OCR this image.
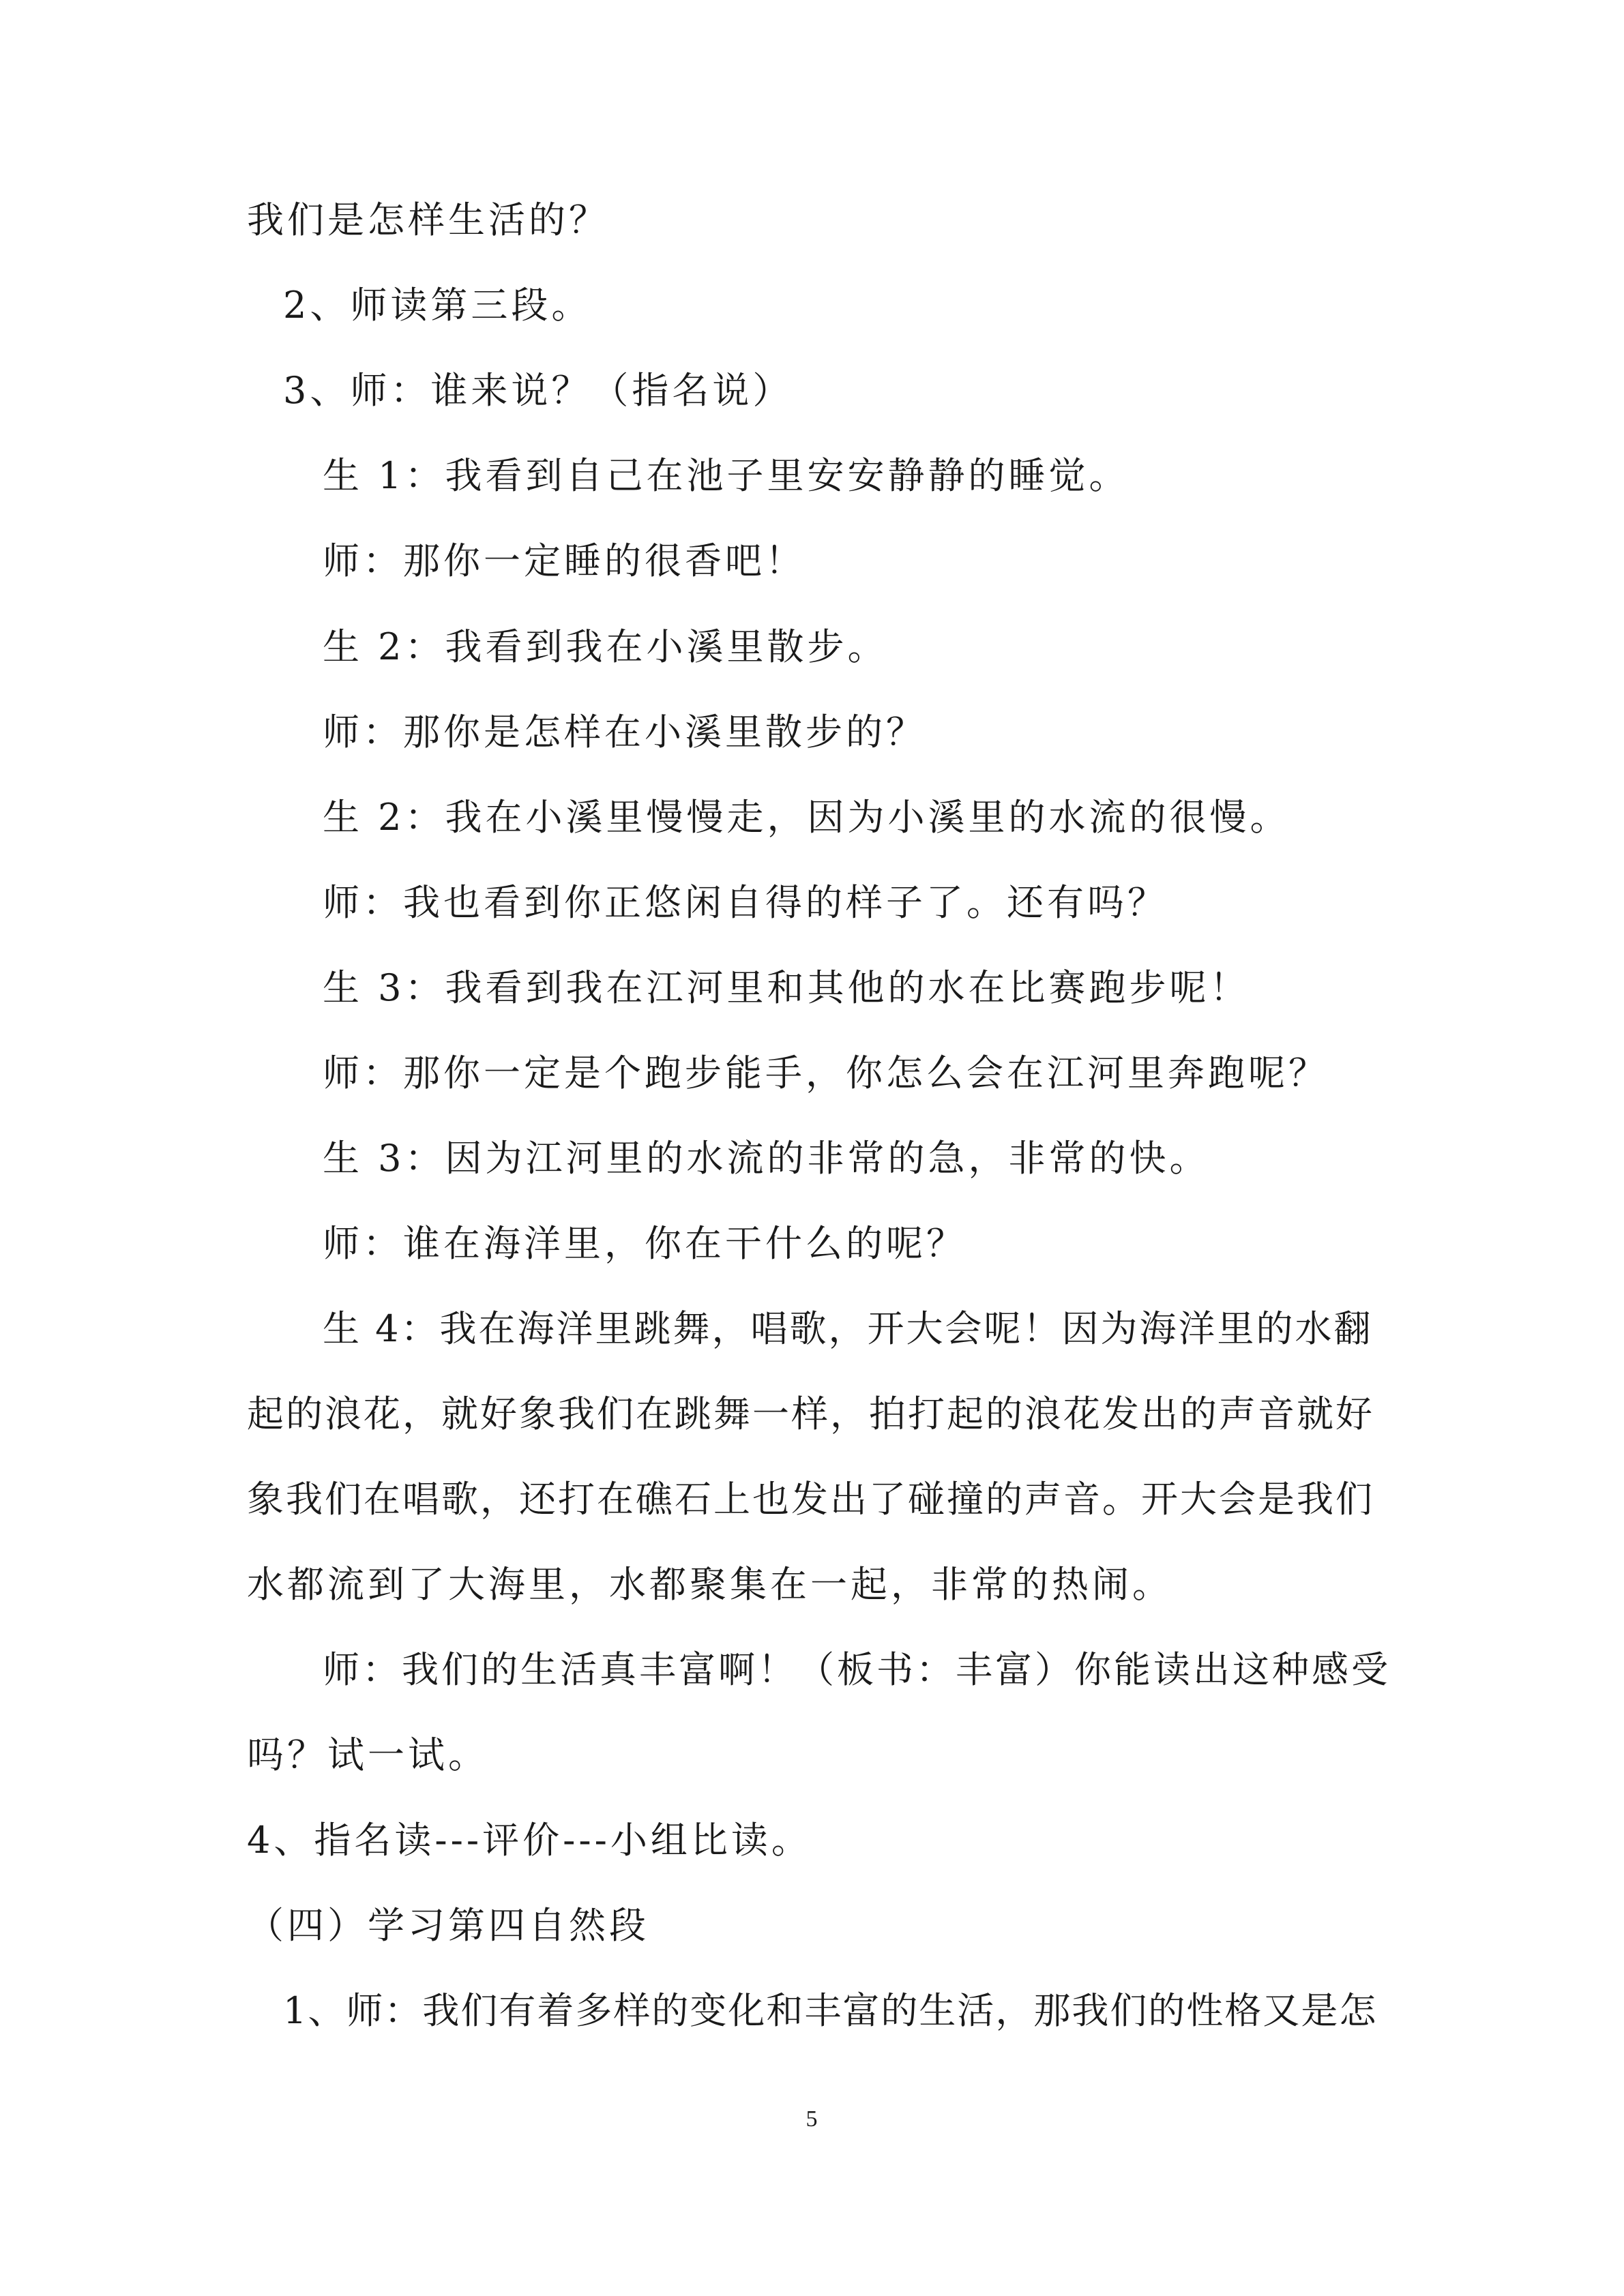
我们是怎样生活的？
2、师读第三段。
3、师：谁来说？（指名说）
生 1：我看到自己在池子里安安静静的睡觉。
师：那你一定睡的很香吧！
生 2：我看到我在小溪里散步。
师：那你是怎样在小溪里散步的？
生 2：我在小溪里慢慢走，因为小溪里的水流的很慢。
师：我也看到你正悠闲自得的样子了。还有吗？
生 3：我看到我在江河里和其他的水在比赛跑步呢！
师：那你一定是个跑步能手，你怎么会在江河里奔跑呢？
生 3：因为江河里的水流的非常的急，非常的快。
师：谁在海洋里，你在干什么的呢？
生 4：我在海洋里跳舞，唱歌，开大会呢！因为海洋里的水翻
起的浪花，就好象我们在跳舞一样，拍打起的浪花发出的声音就好
象我们在唱歌，还打在礁石上也发出了碰撞的声音。开大会是我们
水都流到了大海里，水都聚集在一起，非常的热闹。
师：我们的生活真丰富啊！（板书：丰富）你能读出这种感受
吗？试一试。
4、指名读---评价---小组比读。
（四）学习第四自然段
1、师：我们有着多样的变化和丰富的生活，那我们的性格又是怎
5
